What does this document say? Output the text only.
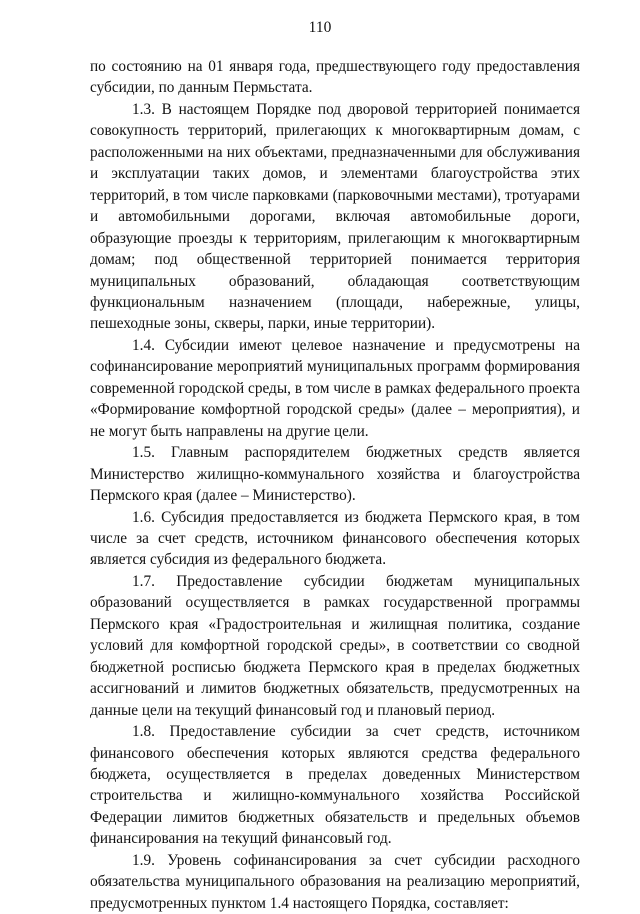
110

по состоянию на 01 января года, предшествующего году предоставления субсидии, по данным Пермьстата.

1.3. В настоящем Порядке под дворовой территорией понимается совокупность территорий, прилегающих к многоквартирным домам, с расположенными на них объектами, предназначенными для обслуживания и эксплуатации таких домов, и элементами благоустройства этих территорий, в том числе парковками (парковочными местами), тротуарами и автомобильными дорогами, включая автомобильные дороги, образующие проезды к территориям, прилегающим к многоквартирным домам; под общественной территорией понимается территория муниципальных образований, обладающая соответствующим функциональным назначением (площади, набережные, улицы, пешеходные зоны, скверы, парки, иные территории).

1.4. Субсидии имеют целевое назначение и предусмотрены на софинансирование мероприятий муниципальных программ формирования современной городской среды, в том числе в рамках федерального проекта «Формирование комфортной городской среды» (далее – мероприятия), и не могут быть направлены на другие цели.

1.5. Главным распорядителем бюджетных средств является Министерство жилищно-коммунального хозяйства и благоустройства Пермского края (далее – Министерство).

1.6. Субсидия предоставляется из бюджета Пермского края, в том числе за счет средств, источником финансового обеспечения которых является субсидия из федерального бюджета.

1.7. Предоставление субсидии бюджетам муниципальных образований осуществляется в рамках государственной программы Пермского края «Градостроительная и жилищная политика, создание условий для комфортной городской среды», в соответствии со сводной бюджетной росписью бюджета Пермского края в пределах бюджетных ассигнований и лимитов бюджетных обязательств, предусмотренных на данные цели на текущий финансовый год и плановый период.

1.8. Предоставление субсидии за счет средств, источником финансового обеспечения которых являются средства федерального бюджета, осуществляется в пределах доведенных Министерством строительства и жилищно-коммунального хозяйства Российской Федерации лимитов бюджетных обязательств и предельных объемов финансирования на текущий финансовый год.

1.9. Уровень софинансирования за счет субсидии расходного обязательства муниципального образования на реализацию мероприятий, предусмотренных пунктом 1.4 настоящего Порядка, составляет:
